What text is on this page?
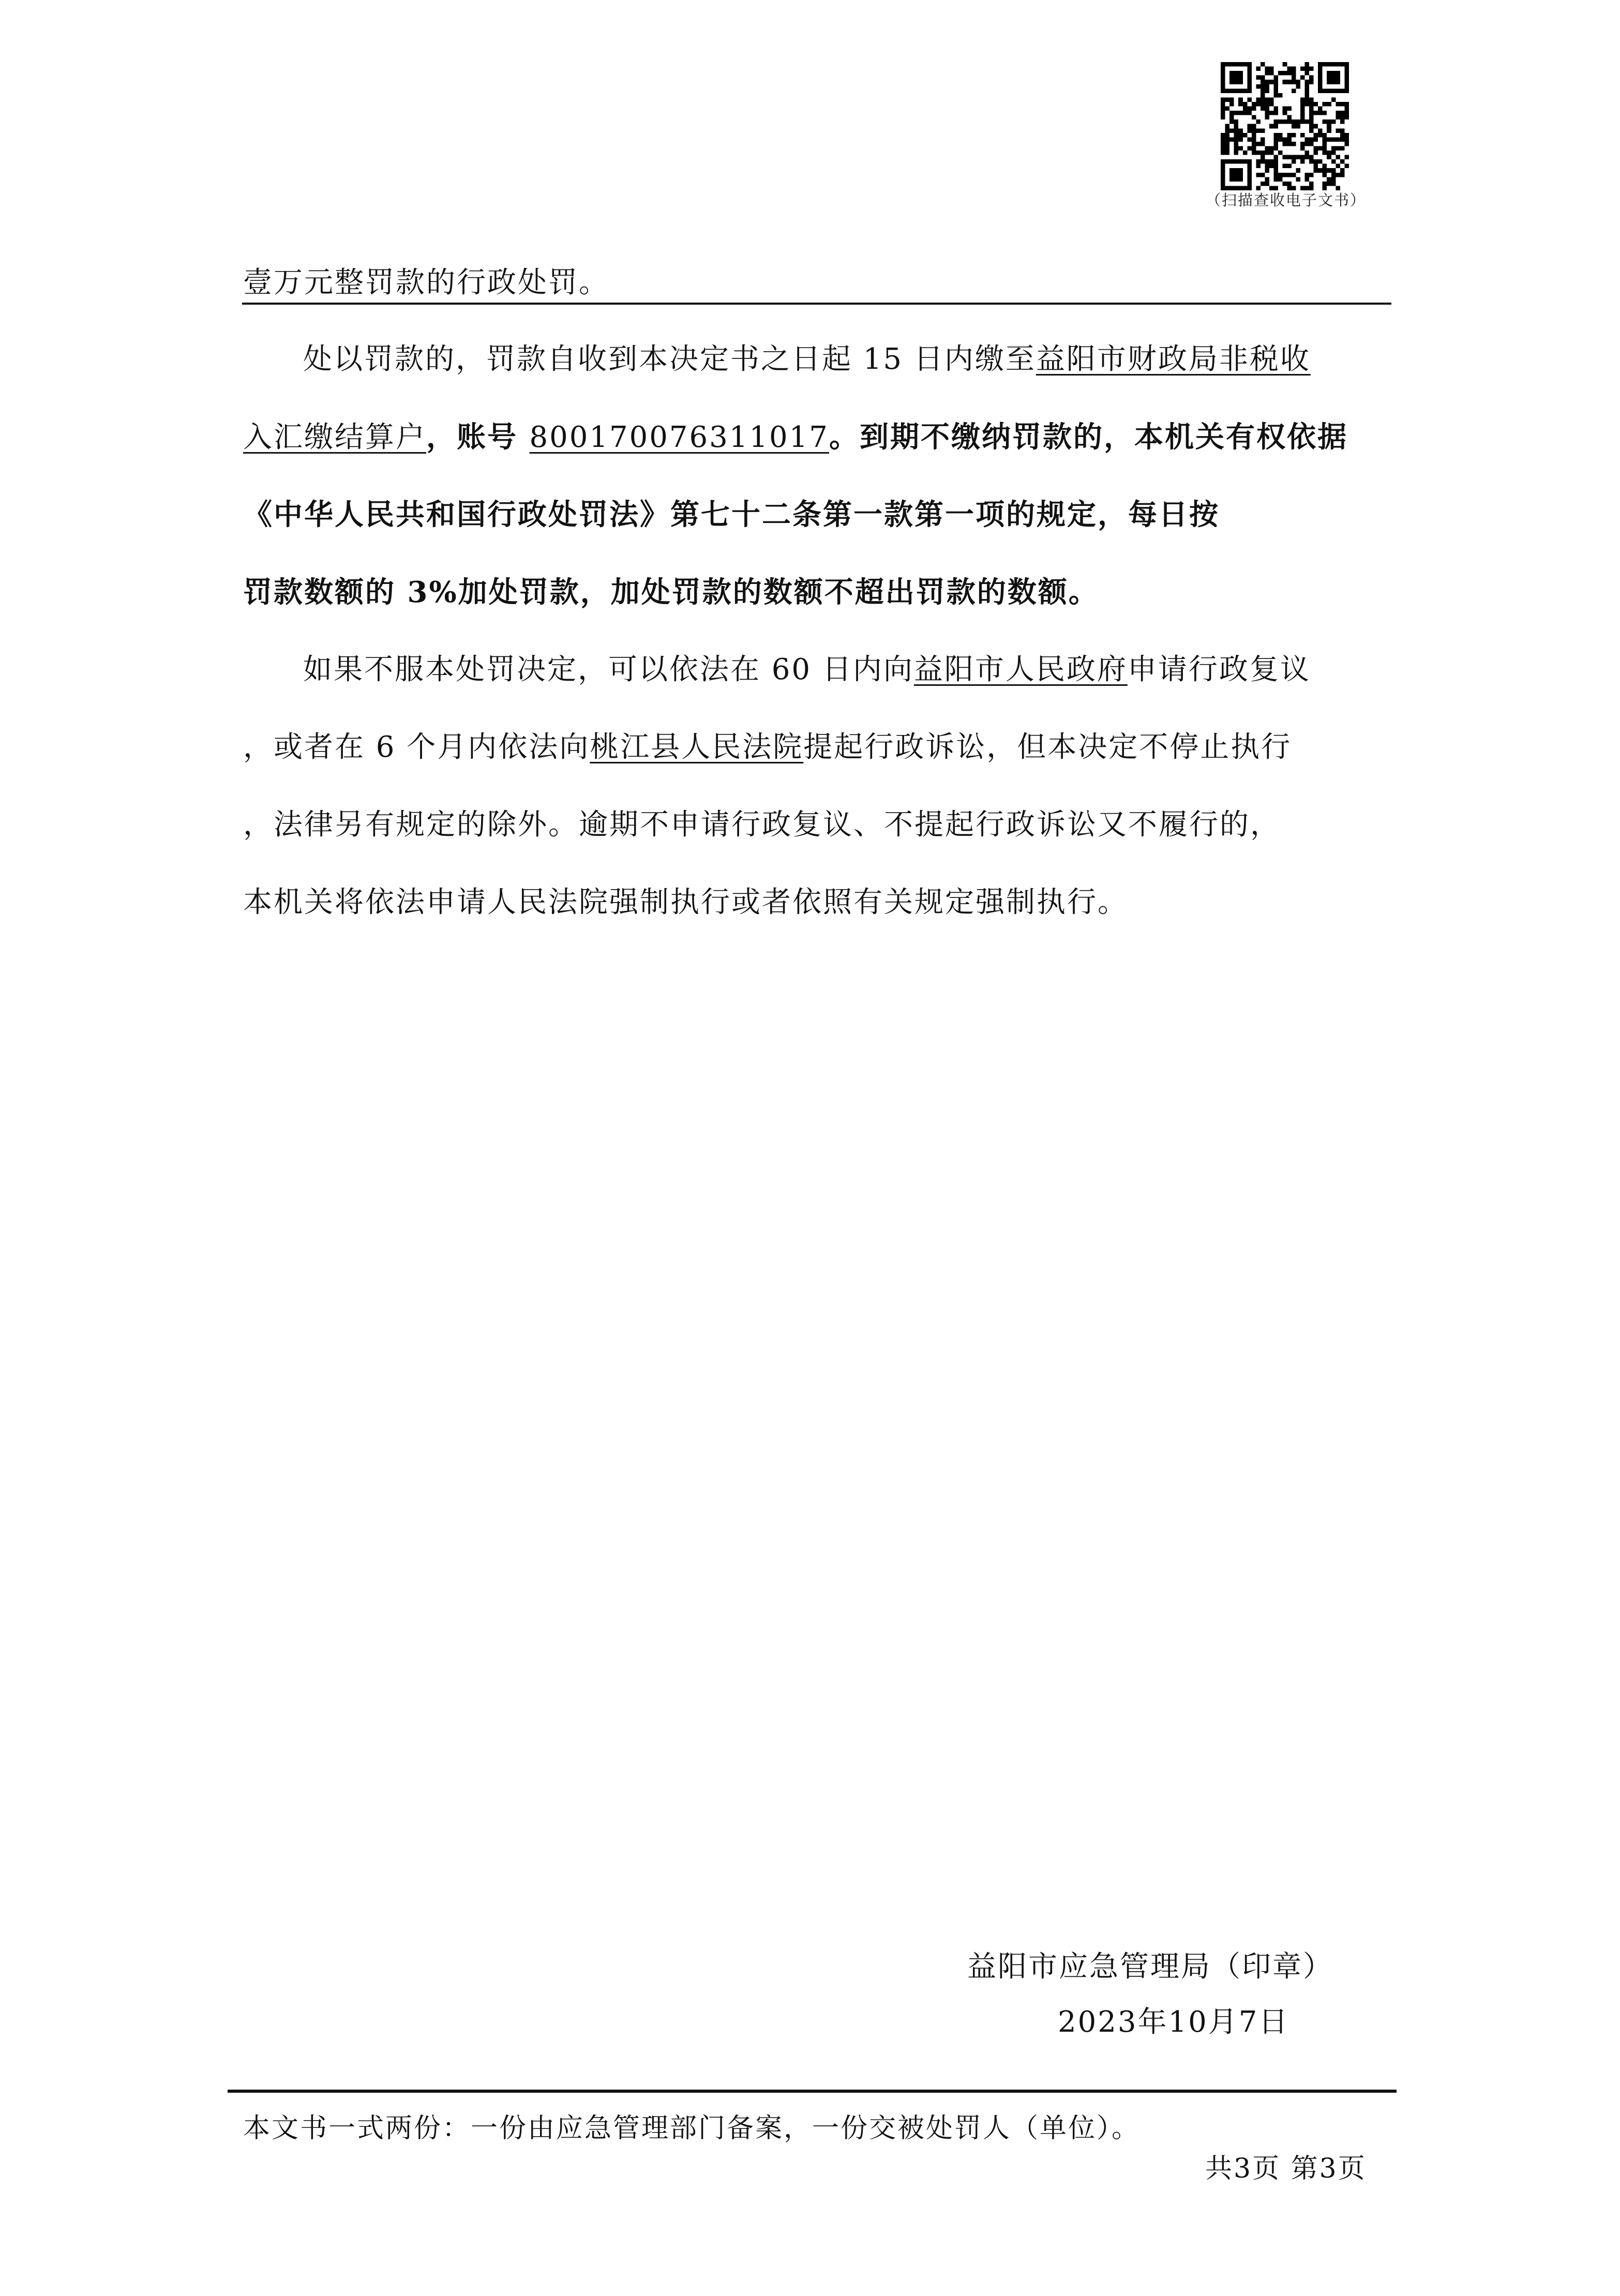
（扫描查收电子文书）
壹万元整罚款的行政处罚。
处以罚款的，罚款自收到本决定书之日起 15 日内缴至益阳市财政局非税收
入汇缴结算户，账号 800170076311017。到期不缴纳罚款的，本机关有权依据
《中华人民共和国行政处罚法》第七十二条第一款第一项的规定，每日按
罚款数额的 3%加处罚款，加处罚款的数额不超出罚款的数额。
如果不服本处罚决定，可以依法在 60 日内向益阳市人民政府申请行政复议
，或者在 6 个月内依法向桃江县人民法院提起行政诉讼，但本决定不停止执行
，法律另有规定的除外。逾期不申请行政复议、不提起行政诉讼又不履行的，
本机关将依法申请人民法院强制执行或者依照有关规定强制执行。
益阳市应急管理局（印章）
2023年10月7日
本文书一式两份：一份由应急管理部门备案，一份交被处罚人（单位）。
共3页 第3页
